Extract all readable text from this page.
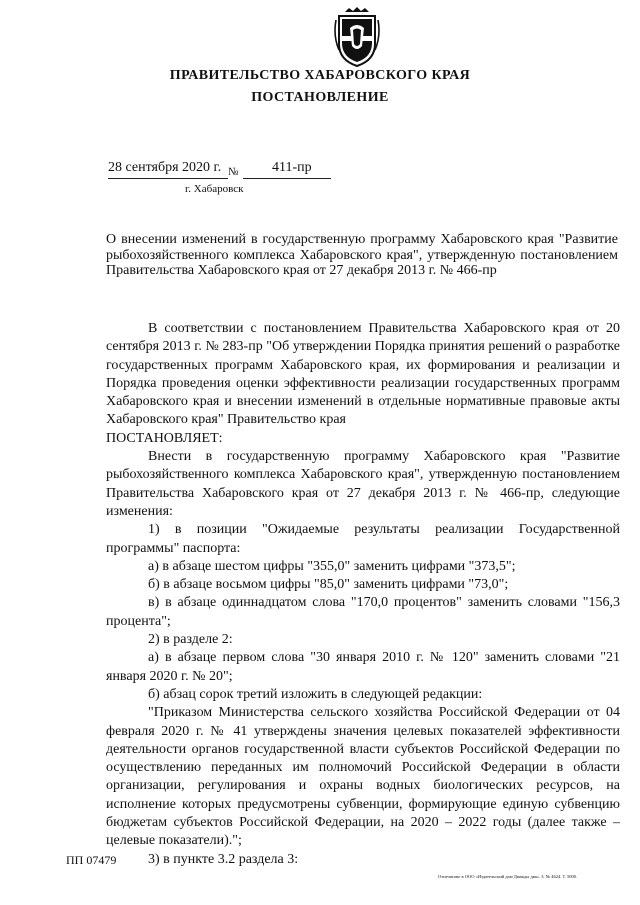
ПРАВИТЕЛЬСТВО ХАБАРОВСКОГО КРАЯ
ПОСТАНОВЛЕНИЕ
28 сентября 2020 г. № 411-пр
г. Хабаровск
О внесении изменений в государственную программу Хабаровского края "Развитие рыбохозяйственного комплекса Хабаровского края", утвержденную постановлением Правительства Хабаровского края от 27 декабря 2013 г. № 466-пр

В соответствии с постановлением Правительства Хабаровского края от 20 сентября 2013 г. № 283-пр "Об утверждении Порядка принятия решений о разработке государственных программ Хабаровского края, их формирования и реализации и Порядка проведения оценки эффективности реализации государственных программ Хабаровского края и внесении изменений в отдельные нормативные правовые акты Хабаровского края" Правительство края

ПОСТАНОВЛЯЕТ:

Внести в государственную программу Хабаровского края "Развитие рыбохозяйственного комплекса Хабаровского края", утвержденную постановлением Правительства Хабаровского края от 27 декабря 2013 г. № 466-пр, следующие изменения:

1) в позиции "Ожидаемые результаты реализации Государственной программы" паспорта:

а) в абзаце шестом цифры "355,0" заменить цифрами "373,5";

б) в абзаце восьмом цифры "85,0" заменить цифрами "73,0";

в) в абзаце одиннадцатом слова "170,0 процентов" заменить словами "156,3 процента";

2) в разделе 2:

а) в абзаце первом слова "30 января 2010 г. № 120" заменить словами "21 января 2020 г. № 20";

б) абзац сорок третий изложить в следующей редакции:

"Приказом Министерства сельского хозяйства Российской Федерации от 04 февраля 2020 г. № 41 утверждены значения целевых показателей эффективности деятельности органов государственной власти субъектов Российской Федерации по осуществлению переданных им полномочий Российской Федерации в области организации, регулирования и охраны водных биологических ресурсов, на исполнение которых предусмотрены субвенции, формирующие единую субвенцию бюджетам субъектов Российской Федерации, на 2020 – 2022 годы (далее также – целевые показатели).";

3) в пункте 3.2 раздела 3:

ПП 07479
Отпечатано в ООО «Издательский дом Дважды два». З. № 4624. Т. 5000.
